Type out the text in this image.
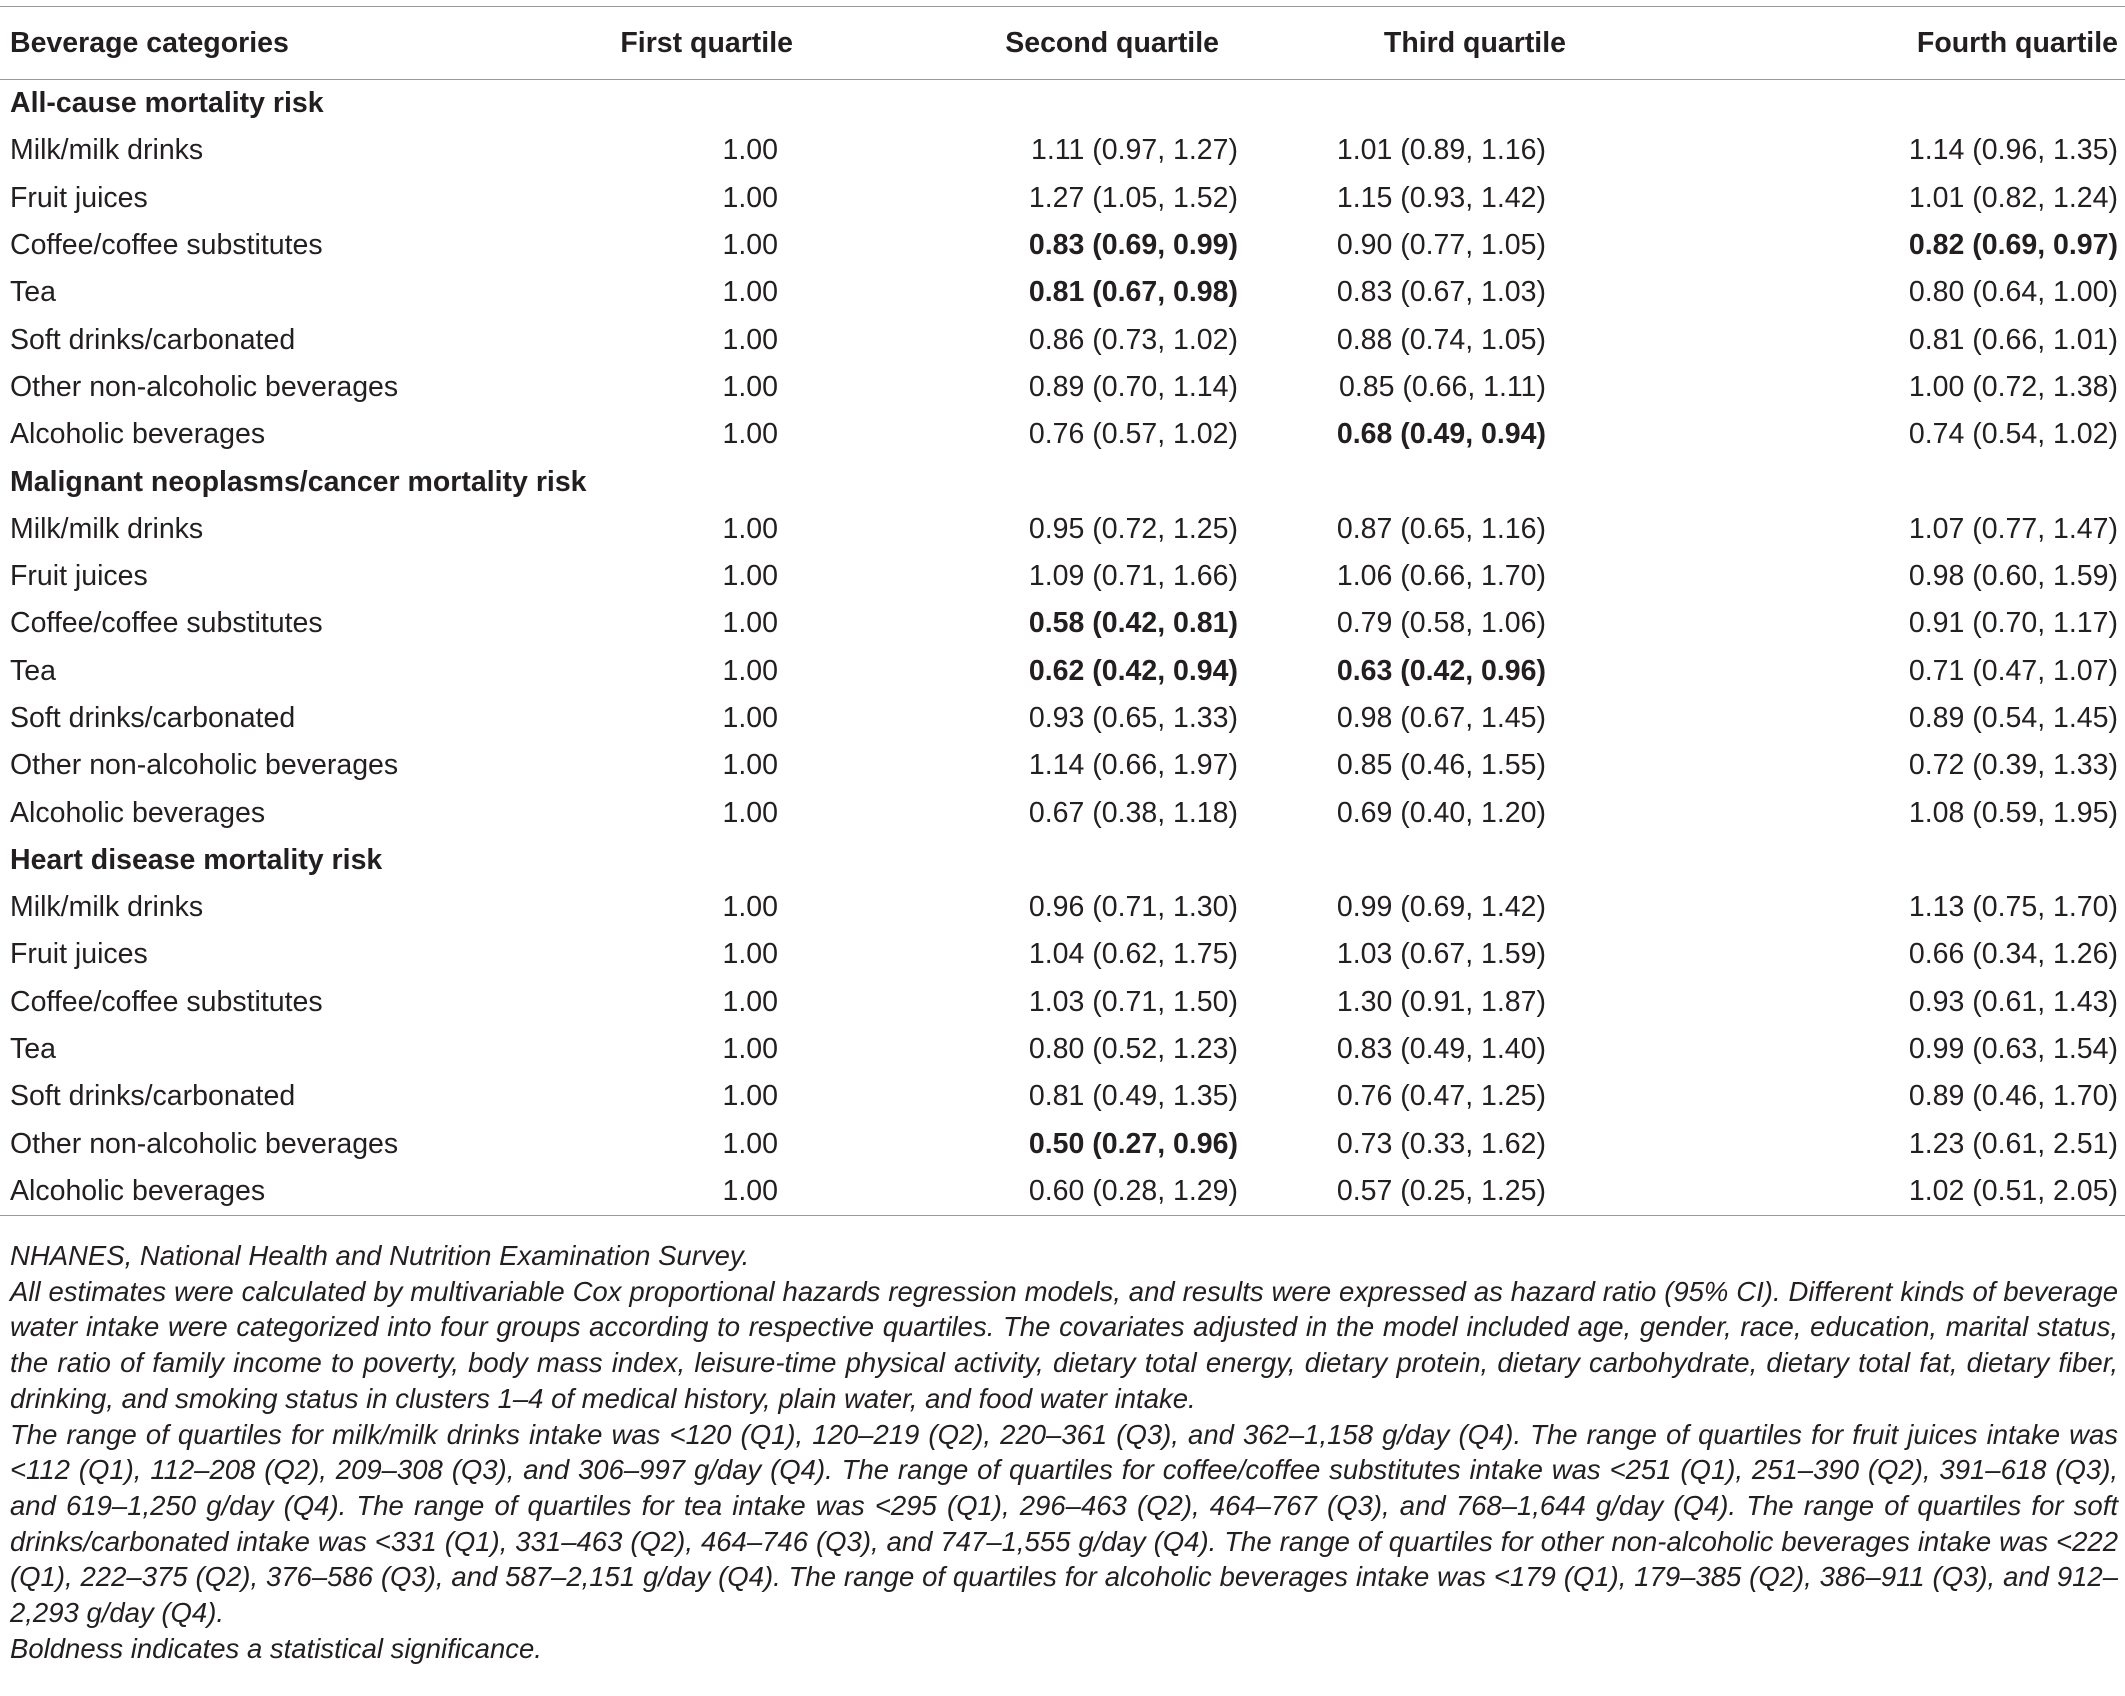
Beverage categories	First quartile	Second quartile	Third quartile	Fourth quartile
All-cause mortality risk				
Milk/milk drinks	1.00	1.11 (0.97, 1.27)	1.01 (0.89, 1.16)	1.14 (0.96, 1.35)
Fruit juices	1.00	1.27 (1.05, 1.52)	1.15 (0.93, 1.42)	1.01 (0.82, 1.24)
Coffee/coffee substitutes	1.00	0.83 (0.69, 0.99)	0.90 (0.77, 1.05)	0.82 (0.69, 0.97)
Tea	1.00	0.81 (0.67, 0.98)	0.83 (0.67, 1.03)	0.80 (0.64, 1.00)
Soft drinks/carbonated	1.00	0.86 (0.73, 1.02)	0.88 (0.74, 1.05)	0.81 (0.66, 1.01)
Other non-alcoholic beverages	1.00	0.89 (0.70, 1.14)	0.85 (0.66, 1.11)	1.00 (0.72, 1.38)
Alcoholic beverages	1.00	0.76 (0.57, 1.02)	0.68 (0.49, 0.94)	0.74 (0.54, 1.02)
Malignant neoplasms/cancer mortality risk				
Milk/milk drinks	1.00	0.95 (0.72, 1.25)	0.87 (0.65, 1.16)	1.07 (0.77, 1.47)
Fruit juices	1.00	1.09 (0.71, 1.66)	1.06 (0.66, 1.70)	0.98 (0.60, 1.59)
Coffee/coffee substitutes	1.00	0.58 (0.42, 0.81)	0.79 (0.58, 1.06)	0.91 (0.70, 1.17)
Tea	1.00	0.62 (0.42, 0.94)	0.63 (0.42, 0.96)	0.71 (0.47, 1.07)
Soft drinks/carbonated	1.00	0.93 (0.65, 1.33)	0.98 (0.67, 1.45)	0.89 (0.54, 1.45)
Other non-alcoholic beverages	1.00	1.14 (0.66, 1.97)	0.85 (0.46, 1.55)	0.72 (0.39, 1.33)
Alcoholic beverages	1.00	0.67 (0.38, 1.18)	0.69 (0.40, 1.20)	1.08 (0.59, 1.95)
Heart disease mortality risk				
Milk/milk drinks	1.00	0.96 (0.71, 1.30)	0.99 (0.69, 1.42)	1.13 (0.75, 1.70)
Fruit juices	1.00	1.04 (0.62, 1.75)	1.03 (0.67, 1.59)	0.66 (0.34, 1.26)
Coffee/coffee substitutes	1.00	1.03 (0.71, 1.50)	1.30 (0.91, 1.87)	0.93 (0.61, 1.43)
Tea	1.00	0.80 (0.52, 1.23)	0.83 (0.49, 1.40)	0.99 (0.63, 1.54)
Soft drinks/carbonated	1.00	0.81 (0.49, 1.35)	0.76 (0.47, 1.25)	0.89 (0.46, 1.70)
Other non-alcoholic beverages	1.00	0.50 (0.27, 0.96)	0.73 (0.33, 1.62)	1.23 (0.61, 2.51)
Alcoholic beverages	1.00	0.60 (0.28, 1.29)	0.57 (0.25, 1.25)	1.02 (0.51, 2.05)

NHANES, National Health and Nutrition Examination Survey.

All estimates were calculated by multivariable Cox proportional hazards regression models, and results were expressed as hazard ratio (95% CI). Different kinds of beverage water intake were categorized into four groups according to respective quartiles. The covariates adjusted in the model included age, gender, race, education, marital status, the ratio of family income to poverty, body mass index, leisure-time physical activity, dietary total energy, dietary protein, dietary carbohydrate, dietary total fat, dietary fiber, drinking, and smoking status in clusters 1–4 of medical history, plain water, and food water intake.

The range of quartiles for milk/milk drinks intake was <120 (Q1), 120–219 (Q2), 220–361 (Q3), and 362–1,158 g/day (Q4). The range of quartiles for fruit juices intake was <112 (Q1), 112–208 (Q2), 209–308 (Q3), and 306–997 g/day (Q4). The range of quartiles for coffee/coffee substitutes intake was <251 (Q1), 251–390 (Q2), 391–618 (Q3), and 619–1,250 g/day (Q4). The range of quartiles for tea intake was <295 (Q1), 296–463 (Q2), 464–767 (Q3), and 768–1,644 g/day (Q4). The range of quartiles for soft drinks/carbonated intake was <331 (Q1), 331–463 (Q2), 464–746 (Q3), and 747–1,555 g/day (Q4). The range of quartiles for other non-alcoholic beverages intake was <222 (Q1), 222–375 (Q2), 376–586 (Q3), and 587–2,151 g/day (Q4). The range of quartiles for alcoholic beverages intake was <179 (Q1), 179–385 (Q2), 386–911 (Q3), and 912–2,293 g/day (Q4).

Boldness indicates a statistical significance.
